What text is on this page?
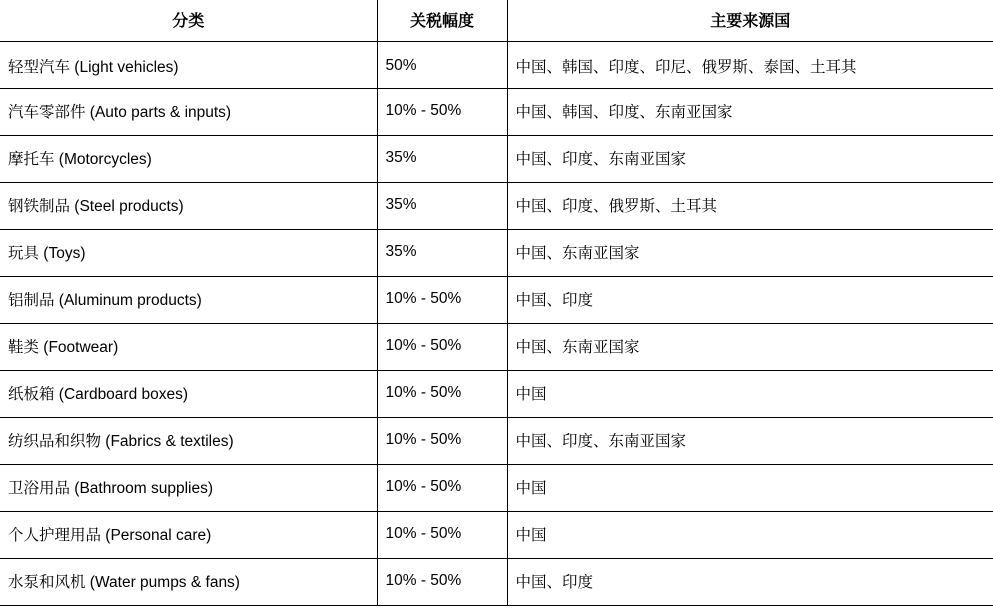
分类	关税幅度	主要来源国
轻型汽车 (Light vehicles)	50%	中国、韩国、印度、印尼、俄罗斯、泰国、土耳其
汽车零部件 (Auto parts & inputs)	10% - 50%	中国、韩国、印度、东南亚国家
摩托车 (Motorcycles)	35%	中国、印度、东南亚国家
钢铁制品 (Steel products)	35%	中国、印度、俄罗斯、土耳其
玩具 (Toys)	35%	中国、东南亚国家
铝制品 (Aluminum products)	10% - 50%	中国、印度
鞋类 (Footwear)	10% - 50%	中国、东南亚国家
纸板箱 (Cardboard boxes)	10% - 50%	中国
纺织品和织物 (Fabrics & textiles)	10% - 50%	中国、印度、东南亚国家
卫浴用品 (Bathroom supplies)	10% - 50%	中国
个人护理用品 (Personal care)	10% - 50%	中国
水泵和风机 (Water pumps & fans)	10% - 50%	中国、印度
